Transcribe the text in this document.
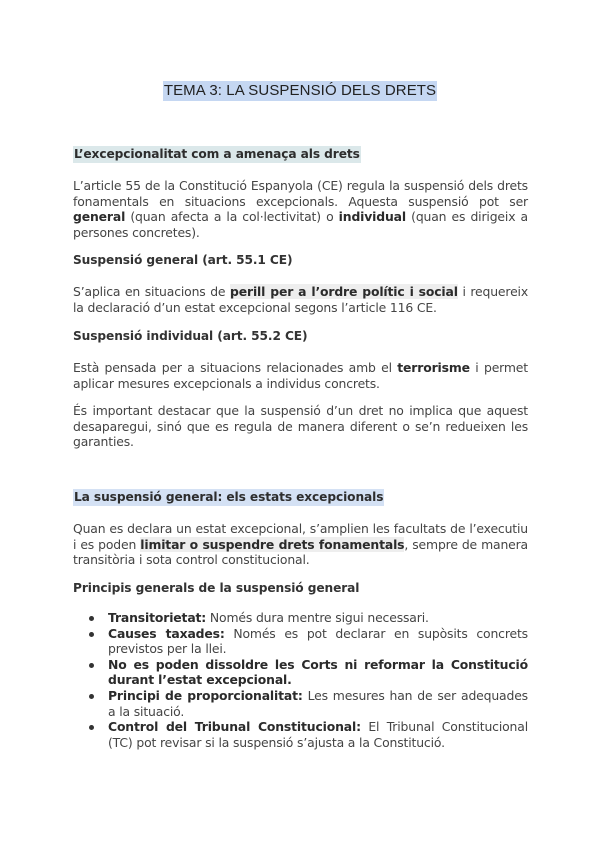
TEMA 3: LA SUSPENSIÓ DELS DRETS
L’excepcionalitat com a amenaça als drets
L’article 55 de la Constitució Espanyola (CE) regula la suspensió dels drets fonamentals en situacions excepcionals. Aquesta suspensió pot ser general (quan afecta a la col·lectivitat) o individual (quan es dirigeix a persones concretes).
Suspensió general (art. 55.1 CE)
S’aplica en situacions de perill per a l’ordre polític i social i requereix la declaració d’un estat excepcional segons l’article 116 CE.
Suspensió individual (art. 55.2 CE)
Està pensada per a situacions relacionades amb el terrorisme i permet aplicar mesures excepcionals a individus concrets.
És important destacar que la suspensió d’un dret no implica que aquest desaparegui, sinó que es regula de manera diferent o se’n redueixen les garanties.
La suspensió general: els estats excepcionals
Quan es declara un estat excepcional, s’amplien les facultats de l’executiu i es poden limitar o suspendre drets fonamentals, sempre de manera transitòria i sota control constitucional.
Principis generals de la suspensió general
Transitorietat: Només dura mentre sigui necessari.
Causes taxades: Només es pot declarar en supòsits concrets previstos per la llei.
No es poden dissoldre les Corts ni reformar la Constitució durant l’estat excepcional.
Principi de proporcionalitat: Les mesures han de ser adequades a la situació.
Control del Tribunal Constitucional: El Tribunal Constitucional (TC) pot revisar si la suspensió s’ajusta a la Constitució.
